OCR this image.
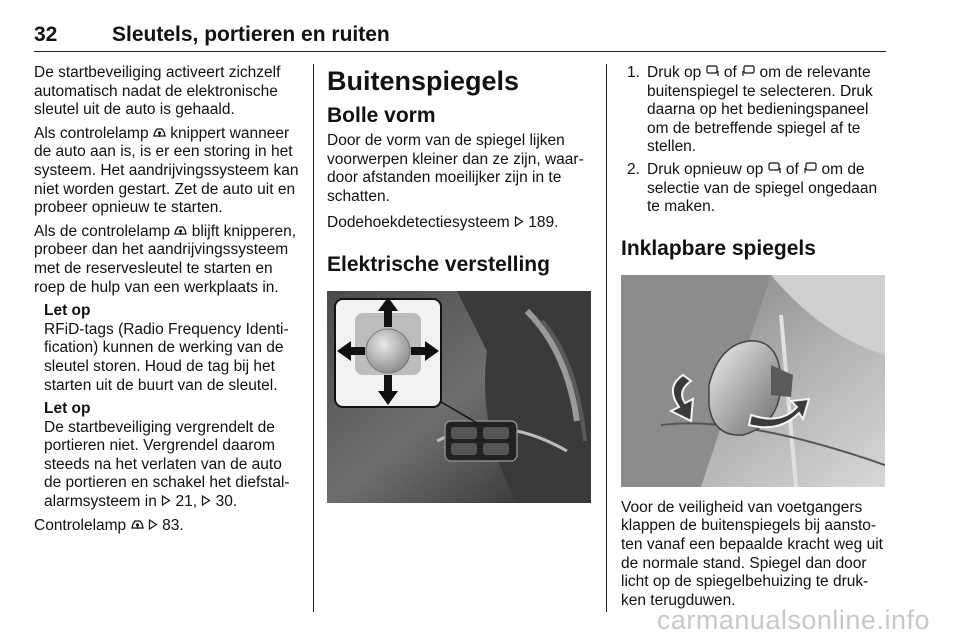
32	Sleutels, portieren en ruiten

De startbeveiliging activeert zichzelf automatisch nadat de elektronische sleutel uit de auto is gehaald.

Als controlelamp  knippert wanneer de auto aan is, is er een storing in het systeem. Het aandrijvingssysteem kan niet worden gestart. Zet de auto uit en probeer opnieuw te starten.

Als de controlelamp  blijft knipperen, probeer dan het aandrijvingssysteem met de reservesleutel te starten en roep de hulp van een werkplaats in.

Let op
RFiD-tags (Radio Frequency Identification) kunnen de werking van de sleutel storen. Houd de tag bij het starten uit de buurt van de sleutel.
Let op
De startbeveiliging vergrendelt de portieren niet. Vergrendel daarom steeds na het verlaten van de auto de portieren en schakel het diefstalalarmsysteem in  21,  30.

Controlelamp   83.

Buitenspiegels
Bolle vorm

Door de vorm van de spiegel lijken voorwerpen kleiner dan ze zijn, waardoor afstanden moeilijker zijn in te schatten.

Dodehoekdetectiesysteem  189.

Elektrische verstelling
1. Druk op  of  om de relevante buitenspiegel te selecteren. Druk daarna op het bedieningspaneel om de betreffende spiegel af te stellen.
2. Druk opnieuw op  of  om de selectie van de spiegel ongedaan te maken.
Inklapbare spiegels

Voor de veiligheid van voetgangers klappen de buitenspiegels bij aanstoten vanaf een bepaalde kracht weg uit de normale stand. Spiegel dan door licht op de spiegelbehuizing te drukken terugduwen.

carmanualsonline.info
